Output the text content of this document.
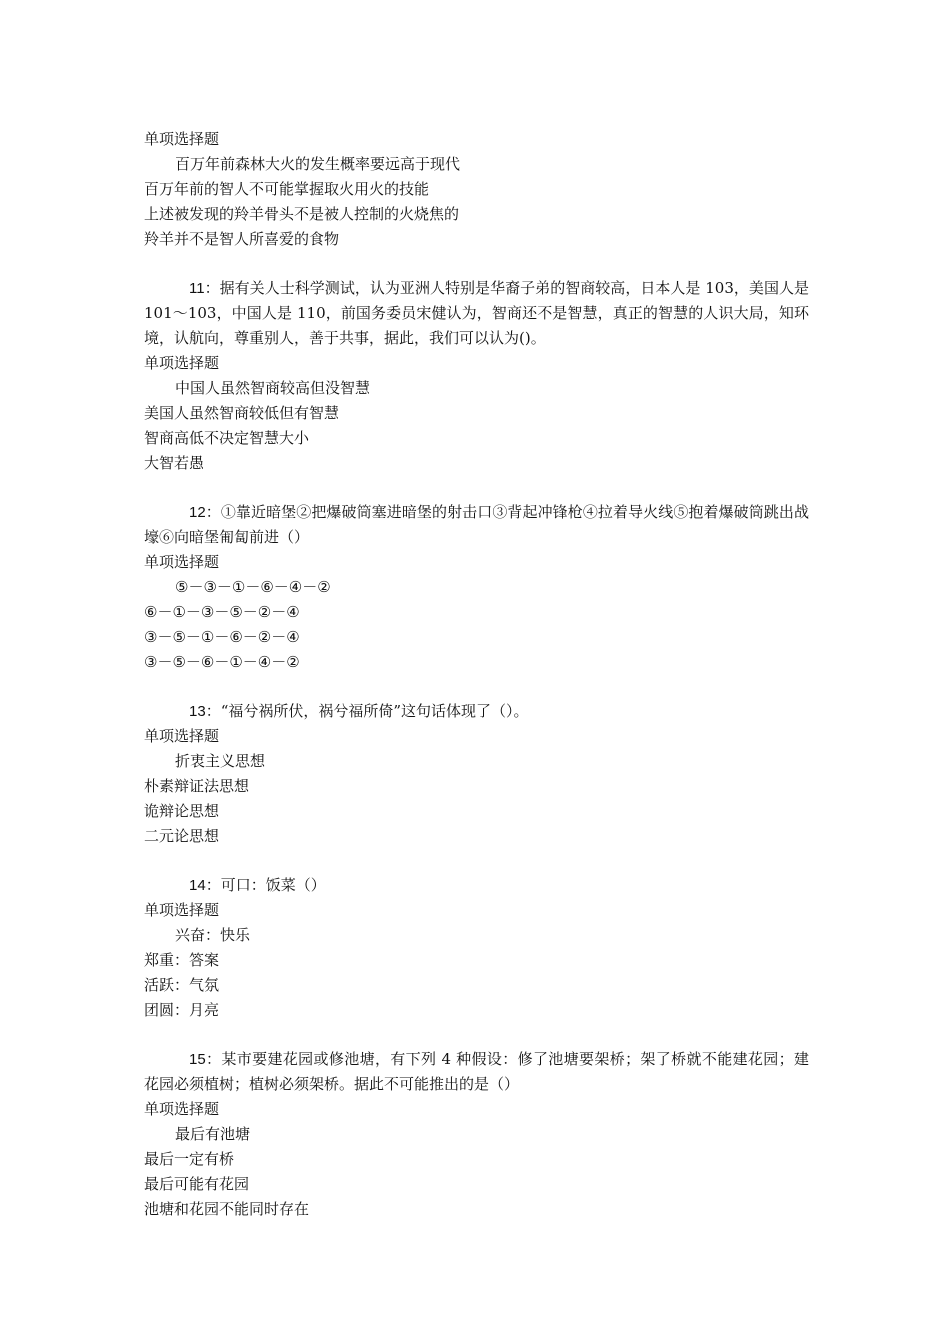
单项选择题
百万年前森林大火的发生概率要远高于现代
百万年前的智人不可能掌握取火用火的技能
上述被发现的羚羊骨头不是被人控制的火烧焦的
羚羊并不是智人所喜爱的食物
11：据有关人士科学测试，认为亚洲人特别是华裔子弟的智商较高，日本人是 103，美国人是 101～103，中国人是 110，前国务委员宋健认为，智商还不是智慧，真正的智慧的人识大局，知环境，认航向，尊重别人，善于共事，据此，我们可以认为()。
单项选择题
中国人虽然智商较高但没智慧
美国人虽然智商较低但有智慧
智商高低不决定智慧大小
大智若愚
12：①靠近暗堡②把爆破筒塞进暗堡的射击口③背起冲锋枪④拉着导火线⑤抱着爆破筒跳出战壕⑥向暗堡匍匐前进（）
单项选择题
⑤－③－①－⑥－④－②
⑥－①－③－⑤－②－④
③－⑤－①－⑥－②－④
③－⑤－⑥－①－④－②
13：“福兮祸所伏，祸兮福所倚”这句话体现了（）。
单项选择题
折衷主义思想
朴素辩证法思想
诡辩论思想
二元论思想
14：可口：饭菜（）
单项选择题
兴奋：快乐
郑重：答案
活跃：气氛
团圆：月亮
15：某市要建花园或修池塘，有下列 4 种假设：修了池塘要架桥；架了桥就不能建花园；建花园必须植树；植树必须架桥。据此不可能推出的是（）
单项选择题
最后有池塘
最后一定有桥
最后可能有花园
池塘和花园不能同时存在
